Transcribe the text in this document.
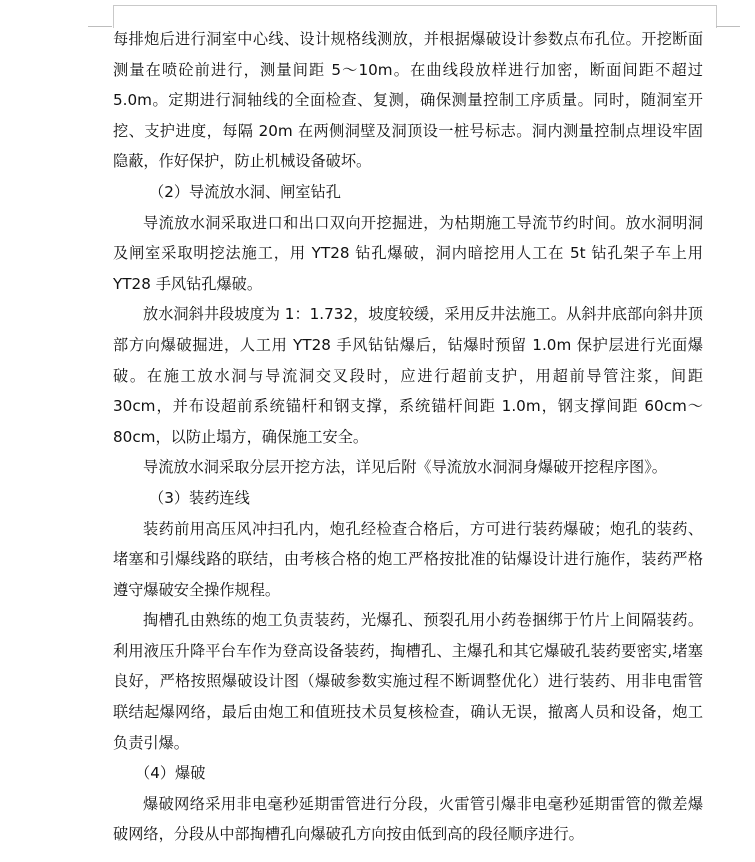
每排炮后进行洞室中心线、设计规格线测放，并根据爆破设计参数点布孔位。开挖断面测量在喷砼前进行，测量间距 5～10m。在曲线段放样进行加密，断面间距不超过 5.0m。定期进行洞轴线的全面检查、复测，确保测量控制工序质量。同时，随洞室开挖、支护进度，每隔 20m 在两侧洞壁及洞顶设一桩号标志。洞内测量控制点埋设牢固隐蔽，作好保护，防止机械设备破坏。

（2）导流放水洞、闸室钻孔

导流放水洞采取进口和出口双向开挖掘进，为枯期施工导流节约时间。放水洞明洞及闸室采取明挖法施工，用 YT28 钻孔爆破，洞内暗挖用人工在 5t 钻孔架子车上用 YT28 手风钻孔爆破。

放水洞斜井段坡度为 1：1.732，坡度较缓，采用反井法施工。从斜井底部向斜井顶部方向爆破掘进，人工用 YT28 手风钻钻爆后，钻爆时预留 1.0m 保护层进行光面爆破。在施工放水洞与导流洞交叉段时，应进行超前支护，用超前导管注浆，间距 30cm，并布设超前系统锚杆和钢支撑，系统锚杆间距 1.0m，钢支撑间距 60cm～80cm，以防止塌方，确保施工安全。

导流放水洞采取分层开挖方法，详见后附《导流放水洞洞身爆破开挖程序图》。

（3）装药连线

装药前用高压风冲扫孔内，炮孔经检查合格后，方可进行装药爆破；炮孔的装药、堵塞和引爆线路的联结，由考核合格的炮工严格按批准的钻爆设计进行施作，装药严格遵守爆破安全操作规程。

掏槽孔由熟练的炮工负责装药，光爆孔、预裂孔用小药卷捆绑于竹片上间隔装药。利用液压升降平台车作为登高设备装药，掏槽孔、主爆孔和其它爆破孔装药要密实,堵塞良好，严格按照爆破设计图（爆破参数实施过程不断调整优化）进行装药、用非电雷管联结起爆网络，最后由炮工和值班技术员复核检查，确认无误，撤离人员和设备，炮工负责引爆。

（4）爆破

爆破网络采用非电毫秒延期雷管进行分段，火雷管引爆非电毫秒延期雷管的微差爆破网络，分段从中部掏槽孔向爆破孔方向按由低到高的段径顺序进行。
